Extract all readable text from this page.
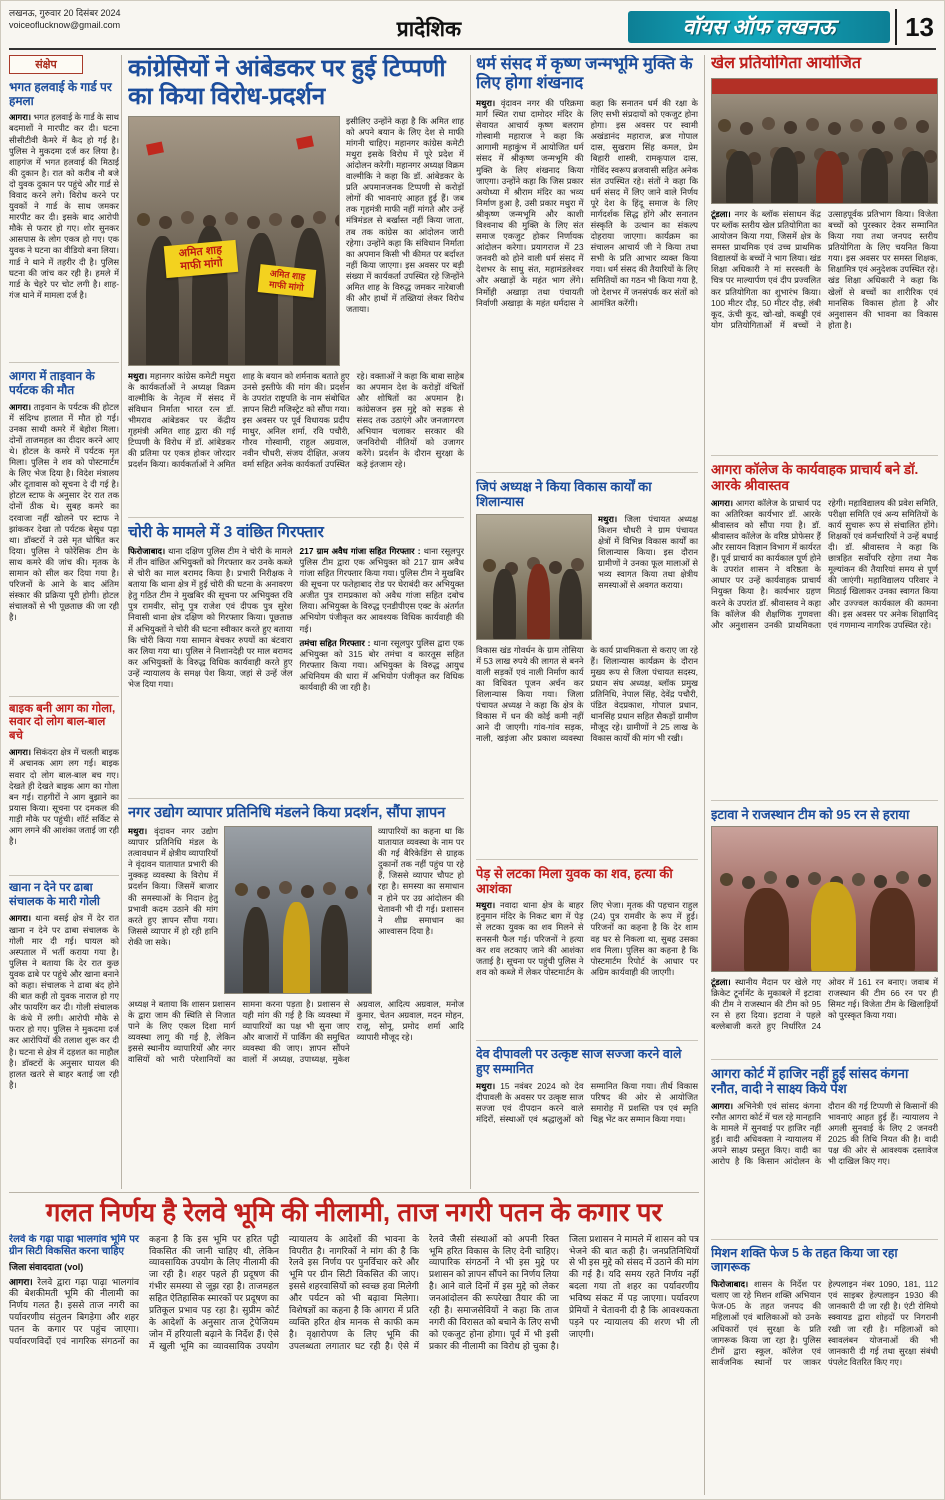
लखनऊ, गुरुवार 20 दिसंबर 2024
voiceoflucknow@gmail.com	प्रादेशिक	वॉयस ऑफ लखनऊ	13
संक्षेप
भगत हलवाई के गार्ड पर हमला

आगरा। भगत हलवाई के गार्ड के साथ बदमाशों ने मारपीट कर दी। घटना सीसीटीवी कैमरे में कैद हो गई है। पुलिस ने मुकदमा दर्ज कर लिया है। शाहगंज में भगत हलवाई की मिठाई की दुकान है। रात को करीब नौ बजे दो युवक दुकान पर पहुंचे और गार्ड से विवाद करने लगे। विरोध करने पर युवकों ने गार्ड के साथ जमकर मारपीट कर दी। इसके बाद आरोपी मौके से फरार हो गए। शोर सुनकर आसपास के लोग एकत्र हो गए। एक युवक ने घटना का वीडियो बना लिया। गार्ड ने थाने में तहरीर दी है। पुलिस घटना की जांच कर रही है। हमले में गार्ड के चेहरे पर चोट लगी है। शाह-गंज थाने में मामला दर्ज है।

आगरा में ताइवान के पर्यटक की मौत

आगरा। ताइवान के पर्यटक की होटल में संदिग्ध हालात में मौत हो गई। उनका साथी कमरे में बेहोश मिला। दोनों ताजमहल का दीदार करने आए थे। होटल के कमरे में पर्यटक मृत मिला। पुलिस ने शव को पोस्टमार्टम के लिए भेज दिया है। विदेश मंत्रालय और दूतावास को सूचना दे दी गई है। होटल स्टाफ के अनुसार देर रात तक दोनों ठीक थे। सुबह कमरे का दरवाजा नहीं खोलने पर स्टाफ ने झांककर देखा तो पर्यटक बेसुध पड़ा था। डॉक्टरों ने उसे मृत घोषित कर दिया। पुलिस ने फोरेंसिक टीम के साथ कमरे की जांच की। मृतक के सामान को सील कर दिया गया है। परिजनों के आने के बाद अंतिम संस्कार की प्रक्रिया पूरी होगी। होटल संचालकों से भी पूछताछ की जा रही है।

बाइक बनी आग का गोला, सवार दो लोग बाल-बाल बचे

आगरा। सिकंदरा क्षेत्र में चलती बाइक में अचानक आग लग गई। बाइक सवार दो लोग बाल-बाल बच गए। देखते ही देखते बाइक आग का गोला बन गई। राहगीरों ने आग बुझाने का प्रयास किया। सूचना पर दमकल की गाड़ी मौके पर पहुंची। शॉर्ट सर्किट से आग लगने की आशंका जताई जा रही है।

खाना न देने पर ढाबा संचालक के मारी गोली

आगरा। थाना बसई क्षेत्र में देर रात खाना न देने पर ढाबा संचालक के गोली मार दी गई। घायल को अस्पताल में भर्ती कराया गया है। पुलिस ने बताया कि देर रात कुछ युवक ढाबे पर पहुंचे और खाना बनाने को कहा। संचालक ने ढाबा बंद होने की बात कही तो युवक नाराज हो गए और फायरिंग कर दी। गोली संचालक के कंधे में लगी। आरोपी मौके से फरार हो गए। पुलिस ने मुकदमा दर्ज कर आरोपियों की तलाश शुरू कर दी है। घटना से क्षेत्र में दहशत का माहौल है। डॉक्टरों के अनुसार घायल की हालत खतरे से बाहर बताई जा रही है।

कांग्रेसियों ने आंबेडकर पर हुई टिप्पणी का किया विरोध-प्रदर्शन
अमित शाह
माफी मांगो
अमित शाह
माफी मांगो

इसीलिए उन्होंने कहा है कि अमित शाह को अपने बयान के लिए देश से माफी मांगनी चाहिए। महानगर कांग्रेस कमेटी मथुरा इसके विरोध में पूरे प्रदेश में आंदोलन करेगी। महानगर अध्यक्ष विक्रम वाल्मीकि ने कहा कि डॉ. आंबेडकर के प्रति अपमानजनक टिप्पणी से करोड़ों लोगों की भावनाएं आहत हुई हैं। जब तक गृहमंत्री माफी नहीं मांगते और उन्हें मंत्रिमंडल से बर्खास्त नहीं किया जाता, तब तक कांग्रेस का आंदोलन जारी रहेगा। उन्होंने कहा कि संविधान निर्माता का अपमान किसी भी कीमत पर बर्दाश्त नहीं किया जाएगा। इस अवसर पर बड़ी संख्या में कार्यकर्ता उपस्थित रहे जिन्होंने अमित शाह के विरुद्ध जमकर नारेबाजी की और हाथों में तख्तियां लेकर विरोध जताया।

मथुरा। महानगर कांग्रेस कमेटी मथुरा के कार्यकर्ताओं ने अध्यक्ष विक्रम वाल्मीकि के नेतृत्व में संसद में संविधान निर्माता भारत रत्न डॉ. भीमराव आंबेडकर पर केंद्रीय गृहमंत्री अमित शाह द्वारा की गई टिप्पणी के विरोध में डॉ. आंबेडकर की प्रतिमा पर एकत्र होकर जोरदार प्रदर्शन किया। कार्यकर्ताओं ने अमित शाह के बयान को शर्मनाक बताते हुए उनसे इस्तीफे की मांग की। प्रदर्शन के उपरांत राष्ट्रपति के नाम संबोधित ज्ञापन सिटी मजिस्ट्रेट को सौंपा गया। इस अवसर पर पूर्व विधायक प्रदीप माथुर, अनिल शर्मा, रवि पचौरी, गौरव गोस्वामी, राहुल अग्रवाल, नवीन चौधरी, संजय दीक्षित, अजय वर्मा सहित अनेक कार्यकर्ता उपस्थित रहे। वक्ताओं ने कहा कि बाबा साहेब का अपमान देश के करोड़ों वंचितों और शोषितों का अपमान है। कांग्रेसजन इस मुद्दे को सड़क से संसद तक उठाएंगे और जनजागरण अभियान चलाकर सरकार की जनविरोधी नीतियों को उजागर करेंगे। प्रदर्शन के दौरान सुरक्षा के कड़े इंतजाम रहे।

चोरी के मामले में 3 वांछित गिरफ्तार

फिरोजाबाद। थाना दक्षिण पुलिस टीम ने चोरी के मामले में तीन वांछित अभियुक्तों को गिरफ्तार कर उनके कब्जे से चोरी का माल बरामद किया है। प्रभारी निरीक्षक ने बताया कि थाना क्षेत्र में हुई चोरी की घटना के अनावरण हेतु गठित टीम ने मुखबिर की सूचना पर अभियुक्त रवि पुत्र रामवीर, सोनू पुत्र राजेश एवं दीपक पुत्र सुरेश निवासी थाना क्षेत्र दक्षिण को गिरफ्तार किया। पूछताछ में अभियुक्तों ने चोरी की घटना स्वीकार करते हुए बताया कि चोरी किया गया सामान बेचकर रुपयों का बंटवारा कर लिया गया था। पुलिस ने निशानदेही पर माल बरामद कर अभियुक्तों के विरुद्ध विधिक कार्यवाही करते हुए उन्हें न्यायालय के समक्ष पेश किया, जहां से उन्हें जेल भेज दिया गया।

217 ग्राम अवैध गांजा सहित गिरफ्तार : थाना रसूलपुर पुलिस टीम द्वारा एक अभियुक्त को 217 ग्राम अवैध गांजा सहित गिरफ्तार किया गया। पुलिस टीम ने मुखबिर की सूचना पर फतेहाबाद रोड पर घेराबंदी कर अभियुक्त अजीत पुत्र रामप्रकाश को अवैध गांजा सहित दबोच लिया। अभियुक्त के विरुद्ध एनडीपीएस एक्ट के अंतर्गत अभियोग पंजीकृत कर आवश्यक विधिक कार्यवाही की गई।

तमंचा सहित गिरफ्तार : थाना रसूलपुर पुलिस द्वारा एक अभियुक्त को 315 बोर तमंचा व कारतूस सहित गिरफ्तार किया गया। अभियुक्त के विरुद्ध आयुध अधिनियम की धारा में अभियोग पंजीकृत कर विधिक कार्यवाही की जा रही है।

नगर उद्योग व्यापार प्रतिनिधि मंडलने किया प्रदर्शन, सौंपा ज्ञापन

मथुरा। वृंदावन नगर उद्योग व्यापार प्रतिनिधि मंडल के तत्वावधान में क्षेत्रीय व्यापारियों ने वृंदावन यातायात प्रभारी की नुक्कड़ व्यवस्था के विरोध में प्रदर्शन किया। जिसमें बाजार की समस्याओं के निदान हेतु प्रभावी कदम उठाने की मांग करते हुए ज्ञापन सौंपा गया। जिससे व्यापार में हो रही हानि रोकी जा सके।

व्यापारियों का कहना था कि यातायात व्यवस्था के नाम पर की गई बैरिकेडिंग से ग्राहक दुकानों तक नहीं पहुंच पा रहे हैं, जिससे व्यापार चौपट हो रहा है। समस्या का समाधान न होने पर उग्र आंदोलन की चेतावनी भी दी गई। प्रशासन ने शीघ्र समाधान का आश्वासन दिया है।

अध्यक्ष ने बताया कि शासन प्रशासन के द्वारा जाम की स्थिति से निजात पाने के लिए एकल दिशा मार्ग व्यवस्था लागू की गई है, लेकिन इससे स्थानीय व्यापारियों और नगर वासियों को भारी परेशानियों का सामना करना पड़ता है। प्रशासन से यही मांग की गई है कि व्यवस्था में व्यापारियों का पक्ष भी सुना जाए और बाजारों में पार्किंग की समुचित व्यवस्था की जाए। ज्ञापन सौंपने वालों में अध्यक्ष, उपाध्यक्ष, मुकेश अग्रवाल, आदित्य अग्रवाल, मनोज कुमार, चेतन अग्रवाल, मदन मोहन, राजू, सोनू, प्रमोद शर्मा आदि व्यापारी मौजूद रहे।

धर्म संसद में कृष्ण जन्मभूमि मुक्ति के लिए होगा शंखनाद

मथुरा। वृंदावन नगर की परिक्रमा मार्ग स्थित राधा दामोदर मंदिर के सेवायत आचार्य कृष्ण बलराम गोस्वामी महाराज ने कहा कि आगामी महाकुंभ में आयोजित धर्म संसद में श्रीकृष्ण जन्मभूमि की मुक्ति के लिए शंखनाद किया जाएगा। उन्होंने कहा कि जिस प्रकार अयोध्या में श्रीराम मंदिर का भव्य निर्माण हुआ है, उसी प्रकार मथुरा में श्रीकृष्ण जन्मभूमि और काशी विश्वनाथ की मुक्ति के लिए संत समाज एकजुट होकर निर्णायक आंदोलन करेगा। प्रयागराज में 23 जनवरी को होने वाली धर्म संसद में देशभर के साधु संत, महामंडलेश्वर और अखाड़ों के महंत भाग लेंगे। निर्मोही अखाड़ा तथा पंचायती निर्वाणी अखाड़ा के महंत धर्मदास ने कहा कि सनातन धर्म की रक्षा के लिए सभी संप्रदायों को एकजुट होना होगा। इस अवसर पर स्वामी अखंडानंद महाराज, ब्रज गोपाल दास, सुखराम सिंह कमल, प्रेम बिहारी शास्त्री, रामकृपाल दास, गोविंद स्वरूप ब्रजवासी सहित अनेक संत उपस्थित रहे। संतों ने कहा कि धर्म संसद में लिए जाने वाले निर्णय पूरे देश के हिंदू समाज के लिए मार्गदर्शक सिद्ध होंगे और सनातन संस्कृति के उत्थान का संकल्प दोहराया जाएगा। कार्यक्रम का संचालन आचार्य जी ने किया तथा सभी के प्रति आभार व्यक्त किया गया। धर्म संसद की तैयारियों के लिए समितियों का गठन भी किया गया है, जो देशभर में जनसंपर्क कर संतों को आमंत्रित करेंगी।

जिपं अध्यक्ष ने किया विकास कार्यों का शिलान्यास

मथुरा। जिला पंचायत अध्यक्ष किशन चौधरी ने ग्राम पंचायत क्षेत्रों में विभिन्न विकास कार्यों का शिलान्यास किया। इस दौरान ग्रामीणों ने उनका फूल मालाओं से भव्य स्वागत किया तथा क्षेत्रीय समस्याओं से अवगत कराया।

विकास खंड गोवर्धन के ग्राम तोसिया में 53 लाख रुपये की लागत से बनने वाली सड़कों एवं नाली निर्माण कार्य का विधिवत पूजन अर्चन कर शिलान्यास किया गया। जिला पंचायत अध्यक्ष ने कहा कि क्षेत्र के विकास में धन की कोई कमी नहीं आने दी जाएगी। गांव-गांव सड़क, नाली, खड़ंजा और प्रकाश व्यवस्था के कार्य प्राथमिकता से कराए जा रहे हैं। शिलान्यास कार्यक्रम के दौरान मुख्य रूप से जिला पंचायत सदस्य, प्रधान संघ अध्यक्ष, ब्लॉक प्रमुख प्रतिनिधि, नेपाल सिंह, देवेंद्र पचौरी, पंडित वेदप्रकाश, गोपाल प्रधान, थानसिंह प्रधान सहित सैकड़ों ग्रामीण मौजूद रहे। ग्रामीणों ने 25 लाख के विकास कार्यों की मांग भी रखी।

पेड़ से लटका मिला युवक का शव, हत्या की आशंका

मथुरा। नवादा थाना क्षेत्र के बाहर हनुमान मंदिर के निकट बाग में पेड़ से लटका युवक का शव मिलने से सनसनी फैल गई। परिजनों ने हत्या कर शव लटकाए जाने की आशंका जताई है। सूचना पर पहुंची पुलिस ने शव को कब्जे में लेकर पोस्टमार्टम के लिए भेजा। मृतक की पहचान राहुल (24) पुत्र रामवीर के रूप में हुई। परिजनों का कहना है कि देर शाम वह घर से निकला था, सुबह उसका शव मिला। पुलिस का कहना है कि पोस्टमार्टम रिपोर्ट के आधार पर अग्रिम कार्यवाही की जाएगी।

देव दीपावली पर उत्कृष्ट साज सज्जा करने वाले हुए सम्मानित

मथुरा। 15 नवंबर 2024 को देव दीपावली के अवसर पर उत्कृष्ट साज सज्जा एवं दीपदान करने वाले मंदिरों, संस्थाओं एवं श्रद्धालुओं को सम्मानित किया गया। तीर्थ विकास परिषद की ओर से आयोजित समारोह में प्रशस्ति पत्र एवं स्मृति चिह्न भेंट कर सम्मान किया गया।

खेल प्रतियोगिता आयोजित

टूंडला। नगर के ब्लॉक संसाधन केंद्र पर ब्लॉक स्तरीय खेल प्रतियोगिता का आयोजन किया गया, जिसमें क्षेत्र के समस्त प्राथमिक एवं उच्च प्राथमिक विद्यालयों के बच्चों ने भाग लिया। खंड शिक्षा अधिकारी ने मां सरस्वती के चित्र पर माल्यार्पण एवं दीप प्रज्वलित कर प्रतियोगिता का शुभारंभ किया। 100 मीटर दौड़, 50 मीटर दौड़, लंबी कूद, ऊंची कूद, खो-खो, कबड्डी एवं योग प्रतियोगिताओं में बच्चों ने उत्साहपूर्वक प्रतिभाग किया। विजेता बच्चों को पुरस्कार देकर सम्मानित किया गया तथा जनपद स्तरीय प्रतियोगिता के लिए चयनित किया गया। इस अवसर पर समस्त शिक्षक, शिक्षामित्र एवं अनुदेशक उपस्थित रहे। खंड शिक्षा अधिकारी ने कहा कि खेलों से बच्चों का शारीरिक एवं मानसिक विकास होता है और अनुशासन की भावना का विकास होता है।

आगरा कॉलेज के कार्यवाहक प्राचार्य बने डॉ. आरके श्रीवास्तव

आगरा। आगरा कॉलेज के प्राचार्य पद का अतिरिक्त कार्यभार डॉ. आरके श्रीवास्तव को सौंपा गया है। डॉ. श्रीवास्तव कॉलेज के वरिष्ठ प्रोफेसर हैं और रसायन विज्ञान विभाग में कार्यरत हैं। पूर्व प्राचार्य का कार्यकाल पूर्ण होने के उपरांत शासन ने वरिष्ठता के आधार पर उन्हें कार्यवाहक प्राचार्य नियुक्त किया है। कार्यभार ग्रहण करने के उपरांत डॉ. श्रीवास्तव ने कहा कि कॉलेज की शैक्षणिक गुणवत्ता और अनुशासन उनकी प्राथमिकता रहेगी। महाविद्यालय की प्रवेश समिति, परीक्षा समिति एवं अन्य समितियों के कार्य सुचारू रूप से संचालित होंगे। शिक्षकों एवं कर्मचारियों ने उन्हें बधाई दी। डॉ. श्रीवास्तव ने कहा कि छात्रहित सर्वोपरि रहेगा तथा नैक मूल्यांकन की तैयारियां समय से पूर्ण की जाएंगी। महाविद्यालय परिवार ने मिठाई खिलाकर उनका स्वागत किया और उज्ज्वल कार्यकाल की कामना की। इस अवसर पर अनेक शिक्षाविद् एवं गणमान्य नागरिक उपस्थित रहे।

इटावा ने राजस्थान टीम को 95 रन से हराया

टूंडला। स्थानीय मैदान पर खेले गए क्रिकेट टूर्नामेंट के मुकाबले में इटावा की टीम ने राजस्थान की टीम को 95 रन से हरा दिया। इटावा ने पहले बल्लेबाजी करते हुए निर्धारित 24 ओवर में 161 रन बनाए। जवाब में राजस्थान की टीम 66 रन पर ही सिमट गई। विजेता टीम के खिलाड़ियों को पुरस्कृत किया गया।

आगरा कोर्ट में हाजिर नहीं हुईं सांसद कंगना रनौत, वादी ने साक्ष्य किये पेश

आगरा। अभिनेत्री एवं सांसद कंगना रनौत आगरा कोर्ट में चल रहे मानहानि के मामले में सुनवाई पर हाजिर नहीं हुईं। वादी अधिवक्ता ने न्यायालय में अपने साक्ष्य प्रस्तुत किए। वादी का आरोप है कि किसान आंदोलन के दौरान की गई टिप्पणी से किसानों की भावनाएं आहत हुई हैं। न्यायालय ने अगली सुनवाई के लिए 2 जनवरी 2025 की तिथि नियत की है। वादी पक्ष की ओर से आवश्यक दस्तावेज भी दाखिल किए गए।

मिशन शक्ति फेज 5 के तहत किया जा रहा जागरूक

फिरोजाबाद। शासन के निर्देश पर चलाए जा रहे मिशन शक्ति अभियान फेज-05 के तहत जनपद की महिलाओं एवं बालिकाओं को उनके अधिकारों एवं सुरक्षा के प्रति जागरूक किया जा रहा है। पुलिस टीमों द्वारा स्कूल, कॉलेज एवं सार्वजनिक स्थानों पर जाकर हेल्पलाइन नंबर 1090, 181, 112 एवं साइबर हेल्पलाइन 1930 की जानकारी दी जा रही है। एंटी रोमियो स्क्वायड द्वारा शोहदों पर निगरानी रखी जा रही है। महिलाओं को स्वावलंबन योजनाओं की भी जानकारी दी गई तथा सुरक्षा संबंधी पंपलेट वितरित किए गए।

गलत निर्णय है रेलवे भूमि की नीलामी, ताज नगरी पतन के कगार पर

रेलवे के गढ़ा पाढ़ा भालगांव भूमि पर ग्रीन सिटी विकसित करना चाहिए

जिला संवाददाता (vol)

आगरा। रेलवे द्वारा गढ़ा पाढ़ा भालगांव की बेशकीमती भूमि की नीलामी का निर्णय गलत है। इससे ताज नगरी का पर्यावरणीय संतुलन बिगड़ेगा और शहर पतन के कगार पर पहुंच जाएगा। पर्यावरणविदों एवं नागरिक संगठनों का कहना है कि इस भूमि पर हरित पट्टी विकसित की जानी चाहिए थी, लेकिन व्यावसायिक उपयोग के लिए नीलामी की जा रही है। शहर पहले ही प्रदूषण की गंभीर समस्या से जूझ रहा है। ताजमहल सहित ऐतिहासिक स्मारकों पर प्रदूषण का प्रतिकूल प्रभाव पड़ रहा है। सुप्रीम कोर्ट के आदेशों के अनुसार ताज ट्रेपेजियम जोन में हरियाली बढ़ाने के निर्देश हैं। ऐसे में खुली भूमि का व्यावसायिक उपयोग न्यायालय के आदेशों की भावना के विपरीत है। नागरिकों ने मांग की है कि रेलवे इस निर्णय पर पुनर्विचार करे और भूमि पर ग्रीन सिटी विकसित की जाए। इससे शहरवासियों को स्वच्छ हवा मिलेगी और पर्यटन को भी बढ़ावा मिलेगा। विशेषज्ञों का कहना है कि आगरा में प्रति व्यक्ति हरित क्षेत्र मानक से काफी कम है। वृक्षारोपण के लिए भूमि की उपलब्धता लगातार घट रही है। ऐसे में रेलवे जैसी संस्थाओं को अपनी रिक्त भूमि हरित विकास के लिए देनी चाहिए। व्यापारिक संगठनों ने भी इस मुद्दे पर प्रशासन को ज्ञापन सौंपने का निर्णय लिया है। आने वाले दिनों में इस मुद्दे को लेकर जनआंदोलन की रूपरेखा तैयार की जा रही है। समाजसेवियों ने कहा कि ताज नगरी की विरासत को बचाने के लिए सभी को एकजुट होना होगा। पूर्व में भी इसी प्रकार की नीलामी का विरोध हो चुका है। जिला प्रशासन ने मामले में शासन को पत्र भेजने की बात कही है। जनप्रतिनिधियों से भी इस मुद्दे को संसद में उठाने की मांग की गई है। यदि समय रहते निर्णय नहीं बदला गया तो शहर का पर्यावरणीय भविष्य संकट में पड़ जाएगा। पर्यावरण प्रेमियों ने चेतावनी दी है कि आवश्यकता पड़ने पर न्यायालय की शरण भी ली जाएगी।
